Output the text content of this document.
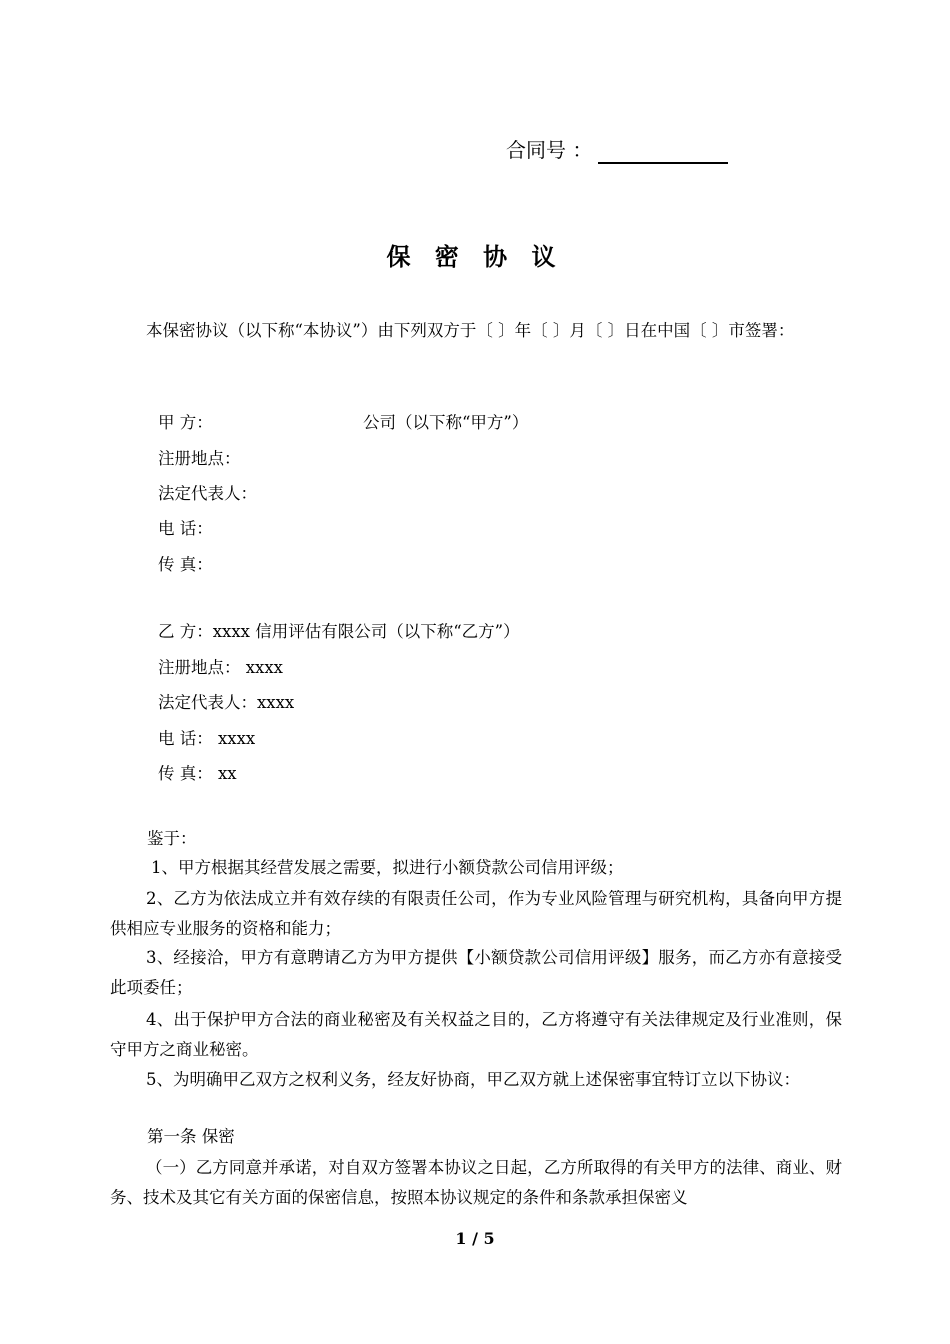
合同号 ：
保 密 协 议
本保密协议（以下称“本协议”）由下列双方于〔 〕年〔 〕月〔 〕日在中国〔 〕市签署：
甲 方：	公司（以下称“甲方”）
注册地点：
法定代表人：
电 话：
传 真：
乙 方：xxxx 信用评估有限公司（以下称“乙方”）
注册地点： xxxx
法定代表人：xxxx
电 话： xxxx
传 真： xx
鉴于：
1、甲方根据其经营发展之需要，拟进行小额贷款公司信用评级；
2、乙方为依法成立并有效存续的有限责任公司，作为专业风险管理与研究机构，具备向甲方提供相应专业服务的资格和能力；
3、经接洽，甲方有意聘请乙方为甲方提供【小额贷款公司信用评级】服务，而乙方亦有意接受此项委任；
4、出于保护甲方合法的商业秘密及有关权益之目的，乙方将遵守有关法律规定及行业准则，保守甲方之商业秘密。
5、为明确甲乙双方之权利义务，经友好协商，甲乙双方就上述保密事宜特订立以下协议：
第一条 保密
（一）乙方同意并承诺，对自双方签署本协议之日起，乙方所取得的有关甲方的法律、商业、财务、技术及其它有关方面的保密信息，按照本协议规定的条件和条款承担保密义
1 / 5
